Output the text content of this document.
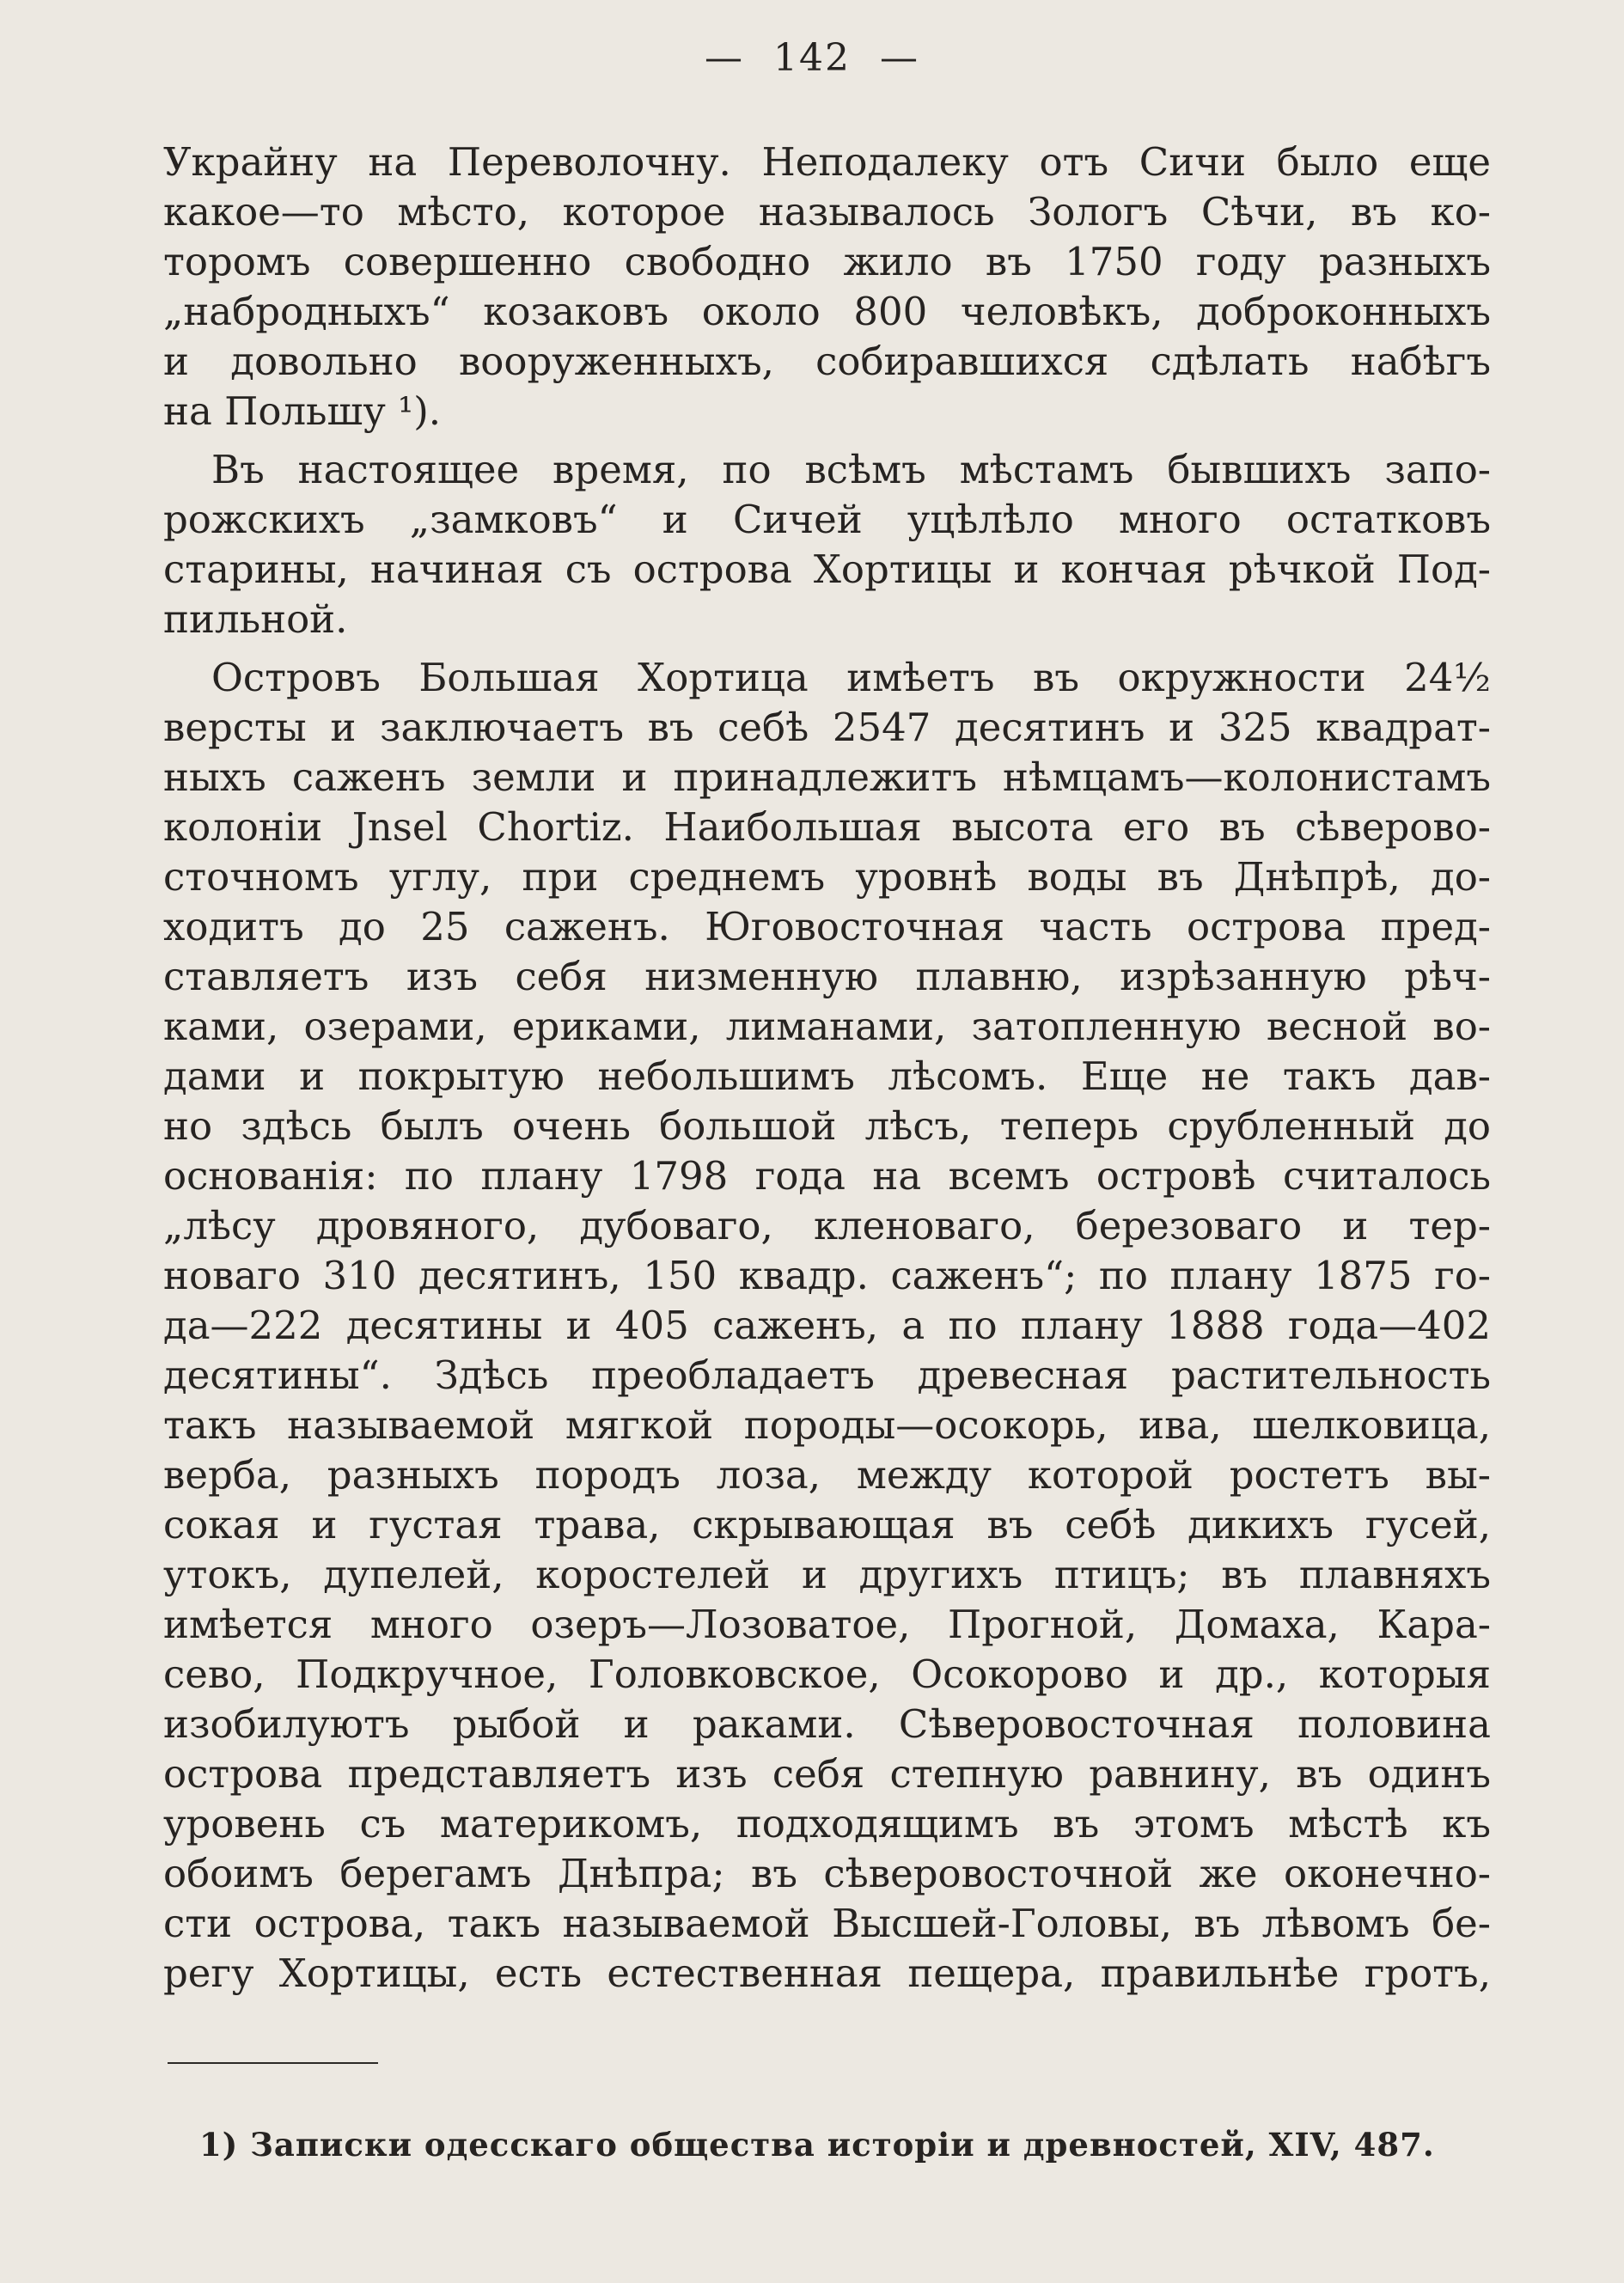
— 142 —
Украйну на Переволочну. Неподалеку отъ Сичи было еще
какое—то мѣсто, которое называлось Зологъ Сѣчи, въ ко-
торомъ совершенно свободно жило въ 1750 году разныхъ
„набродныхъ“ козаковъ около 800 человѣкъ, доброконныхъ
и довольно вооруженныхъ, собиравшихся сдѣлать набѣгъ
на Польшу ¹).
Въ настоящее время, по всѣмъ мѣстамъ бывшихъ запо-
рожскихъ „замковъ“ и Сичей уцѣлѣло много остатковъ
старины, начиная съ острова Хортицы и кончая рѣчкой Под-
пильной.
Островъ Большая Хортица имѣетъ въ окружности 24½
версты и заключаетъ въ себѣ 2547 десятинъ и 325 квадрат-
ныхъ саженъ земли и принадлежитъ нѣмцамъ—колонистамъ
колонiи Jnsel Chortiz. Наибольшая высота его въ сѣверово-
сточномъ углу, при среднемъ уровнѣ воды въ Днѣпрѣ, до-
ходитъ до 25 саженъ. Юговосточная часть острова пред-
ставляетъ изъ себя низменную плавню, изрѣзанную рѣч-
ками, озерами, ериками, лиманами, затопленную весной во-
дами и покрытую небольшимъ лѣсомъ. Еще не такъ дав-
но здѣсь былъ очень большой лѣсъ, теперь срубленный до
основанiя: по плану 1798 года на всемъ островѣ считалось
„лѣсу дровяного, дубоваго, кленоваго, березоваго и тер-
новаго 310 десятинъ, 150 квадр. саженъ“; по плану 1875 го-
да—222 десятины и 405 саженъ, а по плану 1888 года—402
десятины“. Здѣсь преобладаетъ древесная растительность
такъ называемой мягкой породы—осокорь, ива, шелковица,
верба, разныхъ породъ лоза, между которой ростетъ вы-
сокая и густая трава, скрывающая въ себѣ дикихъ гусей,
утокъ, дупелей, коростелей и другихъ птицъ; въ плавняхъ
имѣется много озеръ—Лозоватое, Прогной, Домаха, Кара-
сево, Подкручное, Головковское, Осокорово и др., которыя
изобилуютъ рыбой и раками. Сѣверовосточная половина
острова представляетъ изъ себя степную равнину, въ одинъ
уровень съ материкомъ, подходящимъ въ этомъ мѣстѣ къ
обоимъ берегамъ Днѣпра; въ сѣверовосточной же оконечно-
сти острова, такъ называемой Высшей-Головы, въ лѣвомъ бе-
регу Хортицы, есть естественная пещера, правильнѣе гротъ,
1) Записки одесскаго общества исторiи и древностей, XIV, 487.
